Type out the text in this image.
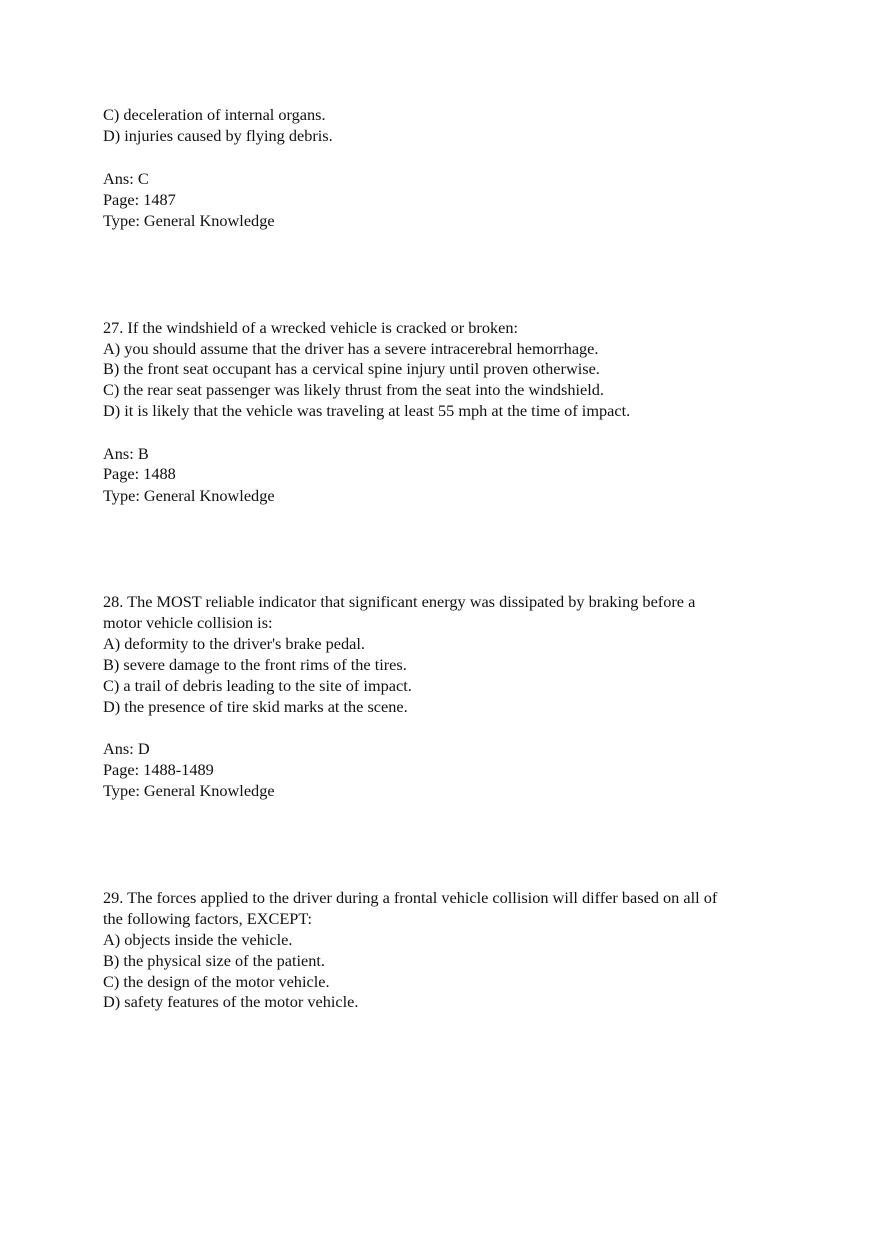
C) deceleration of internal organs.
D) injuries caused by flying debris.
Ans: C
Page: 1487
Type: General Knowledge
27. If the windshield of a wrecked vehicle is cracked or broken:
A) you should assume that the driver has a severe intracerebral hemorrhage.
B) the front seat occupant has a cervical spine injury until proven otherwise.
C) the rear seat passenger was likely thrust from the seat into the windshield.
D) it is likely that the vehicle was traveling at least 55 mph at the time of impact.
Ans: B
Page: 1488
Type: General Knowledge
28. The MOST reliable indicator that significant energy was dissipated by braking before a
motor vehicle collision is:
A) deformity to the driver's brake pedal.
B) severe damage to the front rims of the tires.
C) a trail of debris leading to the site of impact.
D) the presence of tire skid marks at the scene.
Ans: D
Page: 1488-1489
Type: General Knowledge
29. The forces applied to the driver during a frontal vehicle collision will differ based on all of
the following factors, EXCEPT:
A) objects inside the vehicle.
B) the physical size of the patient.
C) the design of the motor vehicle.
D) safety features of the motor vehicle.
